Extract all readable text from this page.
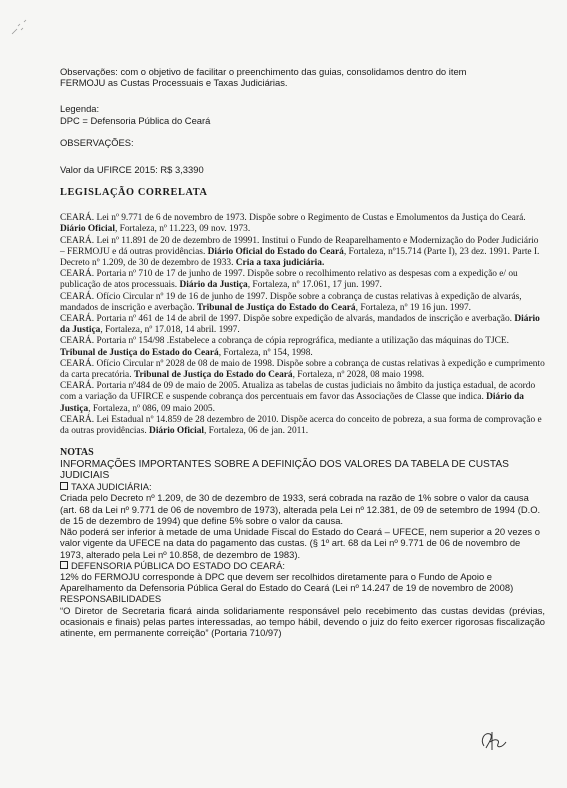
Observações: com o objetivo de facilitar o preenchimento das guias, consolidamos dentro do item

FERMOJU as Custas Processuais e Taxas Judiciárias.

Legenda:

DPC = Defensoria Pública do Ceará

OBSERVAÇÕES:

Valor da UFIRCE 2015: R$ 3,3390

LEGISLAÇÃO CORRELATA

CEARÁ. Lei nº 9.771 de 6 de novembro de 1973. Dispõe sobre o Regimento de Custas e Emolumentos da Justiça do Ceará. Diário Oficial, Fortaleza, nº 11.223, 09 nov. 1973.

CEARÁ. Lei nº 11.891 de 20 de dezembro de 19991. Institui o Fundo de Reaparelhamento e Modernização do Poder Judiciário – FERMOJU e dá outras providências. Diário Oficial do Estado do Ceará, Fortaleza, nº15.714 (Parte I), 23 dez. 1991. Parte I.

Decreto nº 1.209, de 30 de dezembro de 1933. Cria a taxa judiciária.

CEARÁ. Portaria nº 710 de 17 de junho de 1997. Dispõe sobre o recolhimento relativo as despesas com a expedição e/ ou publicação de atos processuais. Diário da Justiça, Fortaleza, nº 17.061, 17 jun. 1997.

CEARÁ. Ofício Circular nº 19 de 16 de junho de 1997. Dispõe sobre a cobrança de custas relativas à expedição de alvarás, mandados de inscrição e averbação. Tribunal de Justiça do Estado do Ceará, Fortaleza, nº 19 16 jun. 1997.

CEARÁ. Portaria nº 461 de 14 de abril de 1997. Dispõe sobre expedição de alvarás, mandados de inscrição e averbação. Diário da Justiça, Fortaleza, nº 17.018, 14 abril. 1997.

CEARÁ. Portaria nº 154/98 .Estabelece a cobrança de cópia reprográfica, mediante a utilização das máquinas do TJCE. Tribunal de Justiça do Estado do Ceará, Fortaleza, nº 154, 1998.

CEARÁ. Ofício Circular nº 2028 de 08 de maio de 1998. Dispõe sobre a cobrança de custas relativas à expedição e cumprimento da carta precatória. Tribunal de Justiça do Estado do Ceará, Fortaleza, nº 2028, 08 maio 1998.

CEARÁ. Portaria nº484 de 09 de maio de 2005. Atualiza as tabelas de custas judiciais no âmbito da justiça estadual, de acordo com a variação da UFIRCE e suspende cobrança dos percentuais em favor das Associações de Classe que indica. Diário da Justiça, Fortaleza, nº 086, 09 maio 2005.

CEARÁ. Lei Estadual nº 14.859 de 28 dezembro de 2010. Dispõe acerca do conceito de pobreza, a sua forma de comprovação e da outras providências. Diário Oficial, Fortaleza, 06 de jan. 2011.

NOTAS

INFORMAÇÕES IMPORTANTES SOBRE A DEFINIÇÃO DOS VALORES DA TABELA DE CUSTAS JUDICIAIS

TAXA JUDICIÁRIA:

Criada pelo Decreto nº 1.209, de 30 de dezembro de 1933, será cobrada na razão de 1% sobre o valor da causa (art. 68 da Lei nº 9.771 de 06 de novembro de 1973), alterada pela Lei nº 12.381, de 09 de setembro de 1994 (D.O. de 15 de dezembro de 1994) que define 5% sobre o valor da causa.

Não poderá ser inferior à metade de uma Unidade Fiscal do Estado do Ceará – UFECE, nem superior a 20 vezes o valor vigente da UFECE na data do pagamento das custas. (§ 1º art. 68 da Lei nº 9.771 de 06 de novembro de 1973, alterado pela Lei nº 10.858, de dezembro de 1983).

DEFENSORIA PÚBLICA DO ESTADO DO CEARÁ:

12% do FERMOJU corresponde à DPC que devem ser recolhidos diretamente para o Fundo de Apoio e Aparelhamento da Defensoria Pública Geral do Estado do Ceará (Lei nº 14.247 de 19 de novembro de 2008)

RESPONSABILIDADES

“O Diretor de Secretaria ficará ainda solidariamente responsável pelo recebimento das custas devidas (prévias, ocasionais e finais) pelas partes interessadas, ao tempo hábil, devendo o juiz do feito exercer rigorosas fiscalização atinente, em permanente correição” (Portaria 710/97)
